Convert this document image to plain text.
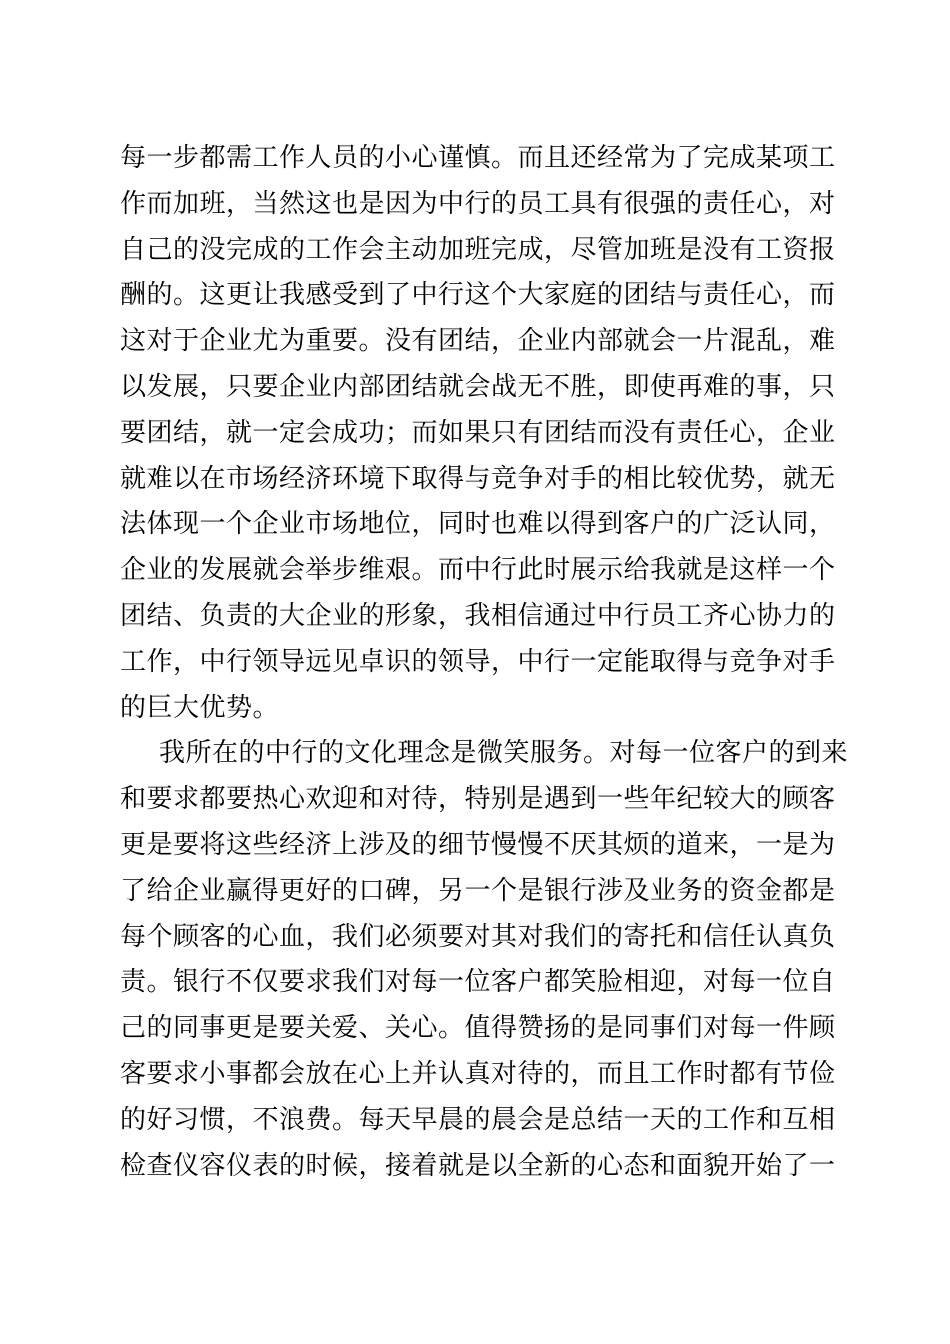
每一步都需工作人员的小心谨慎。而且还经常为了完成某项工
作而加班，当然这也是因为中行的员工具有很强的责任心，对
自己的没完成的工作会主动加班完成，尽管加班是没有工资报
酬的。这更让我感受到了中行这个大家庭的团结与责任心，而
这对于企业尤为重要。没有团结，企业内部就会一片混乱，难
以发展，只要企业内部团结就会战无不胜，即使再难的事，只
要团结，就一定会成功；而如果只有团结而没有责任心，企业
就难以在市场经济环境下取得与竞争对手的相比较优势，就无
法体现一个企业市场地位，同时也难以得到客户的广泛认同，
企业的发展就会举步维艰。而中行此时展示给我就是这样一个
团结、负责的大企业的形象，我相信通过中行员工齐心协力的
工作，中行领导远见卓识的领导，中行一定能取得与竞争对手
的巨大优势。
我所在的中行的文化理念是微笑服务。对每一位客户的到来
和要求都要热心欢迎和对待，特别是遇到一些年纪较大的顾客
更是要将这些经济上涉及的细节慢慢不厌其烦的道来，一是为
了给企业赢得更好的口碑，另一个是银行涉及业务的资金都是
每个顾客的心血，我们必须要对其对我们的寄托和信任认真负
责。银行不仅要求我们对每一位客户都笑脸相迎，对每一位自
己的同事更是要关爱、关心。值得赞扬的是同事们对每一件顾
客要求小事都会放在心上并认真对待的，而且工作时都有节俭
的好习惯，不浪费。每天早晨的晨会是总结一天的工作和互相
检查仪容仪表的时候，接着就是以全新的心态和面貌开始了一
